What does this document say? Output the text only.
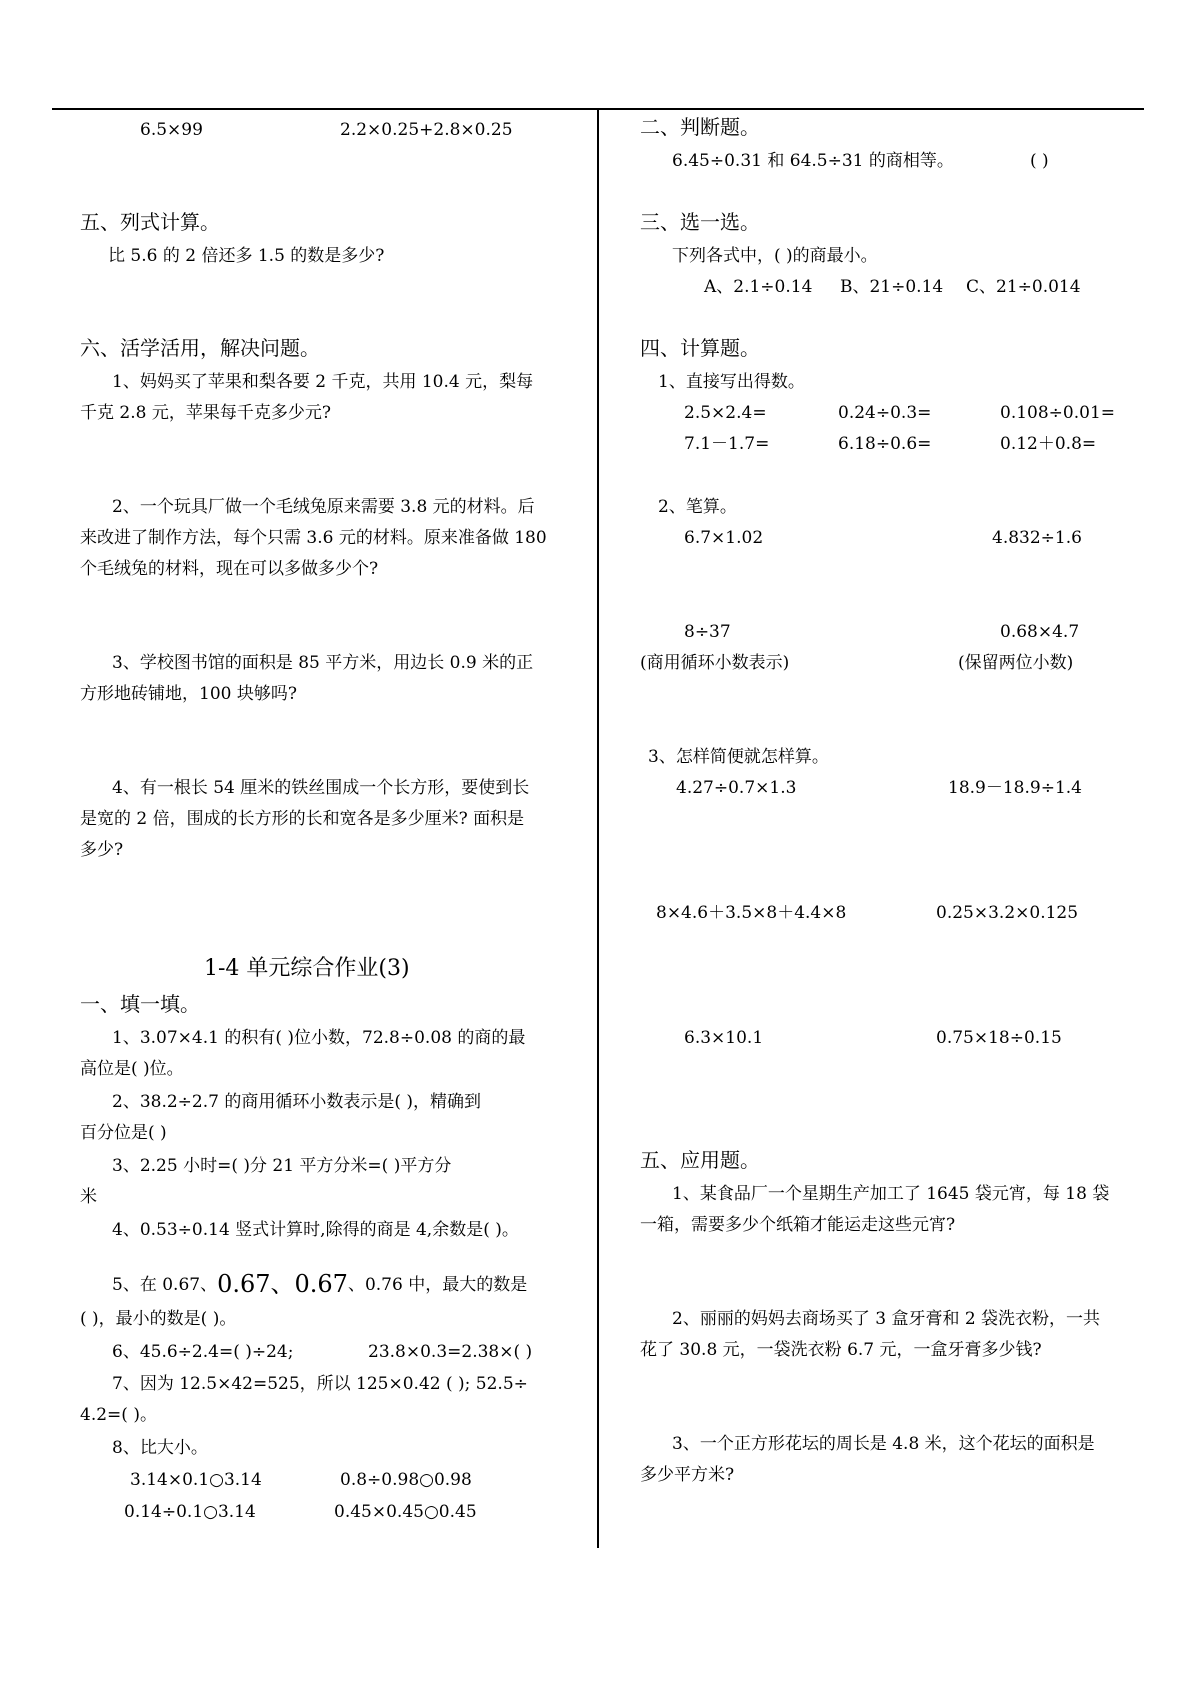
6.5×99	2.2×0.25+2.8×0.25
五、列式计算。
比 5.6 的 2 倍还多 1.5 的数是多少?
六、活学活用，解决问题。
1、妈妈买了苹果和梨各要 2 千克，共用 10.4 元，梨每
千克 2.8 元，苹果每千克多少元?
2、一个玩具厂做一个毛绒兔原来需要 3.8 元的材料。后
来改进了制作方法，每个只需 3.6 元的材料。原来准备做 180
个毛绒兔的材料，现在可以多做多少个?
3、学校图书馆的面积是 85 平方米，用边长 0.9 米的正
方形地砖铺地，100 块够吗?
4、有一根长 54 厘米的铁丝围成一个长方形，要使到长
是宽的 2 倍，围成的长方形的长和宽各是多少厘米? 面积是
多少?
1-4 单元综合作业(3)
一、填一填。
1、3.07×4.1 的积有( )位小数，72.8÷0.08 的商的最
高位是( )位。
2、38.2÷2.7 的商用循环小数表示是( )，精确到
百分位是( )
3、2.25 小时=( )分 21 平方分米=( )平方分
米
4、0.53÷0.14 竖式计算时,除得的商是 4,余数是( )。
5、在 0.67、0.67、0.67、0.76 中，最大的数是
( )，最小的数是( )。
6、45.6÷2.4=( )÷24;	23.8×0.3=2.38×( )
7、因为 12.5×42=525，所以 125×0.42 ( ); 52.5÷
4.2=( )。
8、比大小。
3.14×0.1○3.14	0.8÷0.98○0.98
0.14÷0.1○3.14	0.45×0.45○0.45
二、判断题。
6.45÷0.31 和 64.5÷31 的商相等。	( )
三、选一选。
下列各式中，( )的商最小。
A、2.1÷0.14 B、21÷0.14 C、21÷0.014
四、计算题。
1、直接写出得数。
2.5×2.4=	0.24÷0.3=	0.108÷0.01=
7.1－1.7=	6.18÷0.6=	0.12＋0.8=
2、笔算。
6.7×1.02	4.832÷1.6
8÷37	0.68×4.7
(商用循环小数表示)	(保留两位小数)
3、怎样简便就怎样算。
4.27÷0.7×1.3	18.9－18.9÷1.4
8×4.6＋3.5×8＋4.4×8	0.25×3.2×0.125
6.3×10.1	0.75×18÷0.15
五、应用题。
1、某食品厂一个星期生产加工了 1645 袋元宵，每 18 袋
一箱，需要多少个纸箱才能运走这些元宵?
2、丽丽的妈妈去商场买了 3 盒牙膏和 2 袋洗衣粉，一共
花了 30.8 元，一袋洗衣粉 6.7 元，一盒牙膏多少钱?
3、一个正方形花坛的周长是 4.8 米，这个花坛的面积是
多少平方米?
